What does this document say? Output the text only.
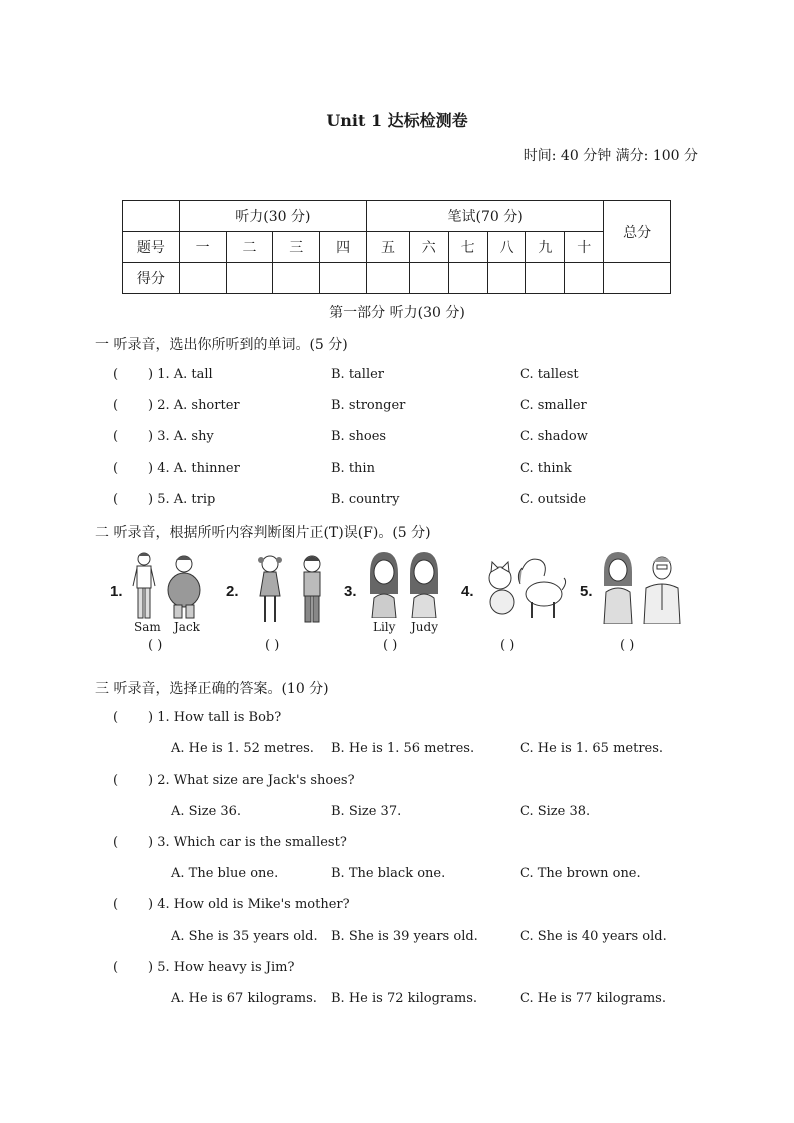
Unit 1 达标检测卷
时间: 40 分钟 满分: 100 分
	听力(30 分)				笔试(70 分)						总分
题号	一	二	三	四	五	六	七	八	九	十	
得分											
第一部分 听力(30 分)
一 听录音，选出你所听到的单词。(5 分)
( ) 1. A. tall	B. taller	C. tallest
( ) 2. A. shorter	B. stronger	C. smaller
( ) 3. A. shy	B. shoes	C. shadow
( ) 4. A. thinner	B. thin	C. think
( ) 5. A. trip	B. country	C. outside
二 听录音，根据所听内容判断图片正(T)误(F)。(5 分)
1.
Sam Jack
2.	3.
Lily Judy
4.	5.
( )	( )	( )	( )	( )
三 听录音，选择正确的答案。(10 分)
( ) 1. How tall is Bob?
A. He is 1. 52 metres. B. He is 1. 56 metres.	C. He is 1. 65 metres.
( ) 2. What size are Jack's shoes?
A. Size 36.	B. Size 37.	C. Size 38.
( ) 3. Which car is the smallest?
A. The blue one.	B. The black one.	C. The brown one.
( ) 4. How old is Mike's mother?
A. She is 35 years old. B. She is 39 years old.	C. She is 40 years old.
( ) 5. How heavy is Jim?
A. He is 67 kilograms. B. He is 72 kilograms.	C. He is 77 kilograms.
